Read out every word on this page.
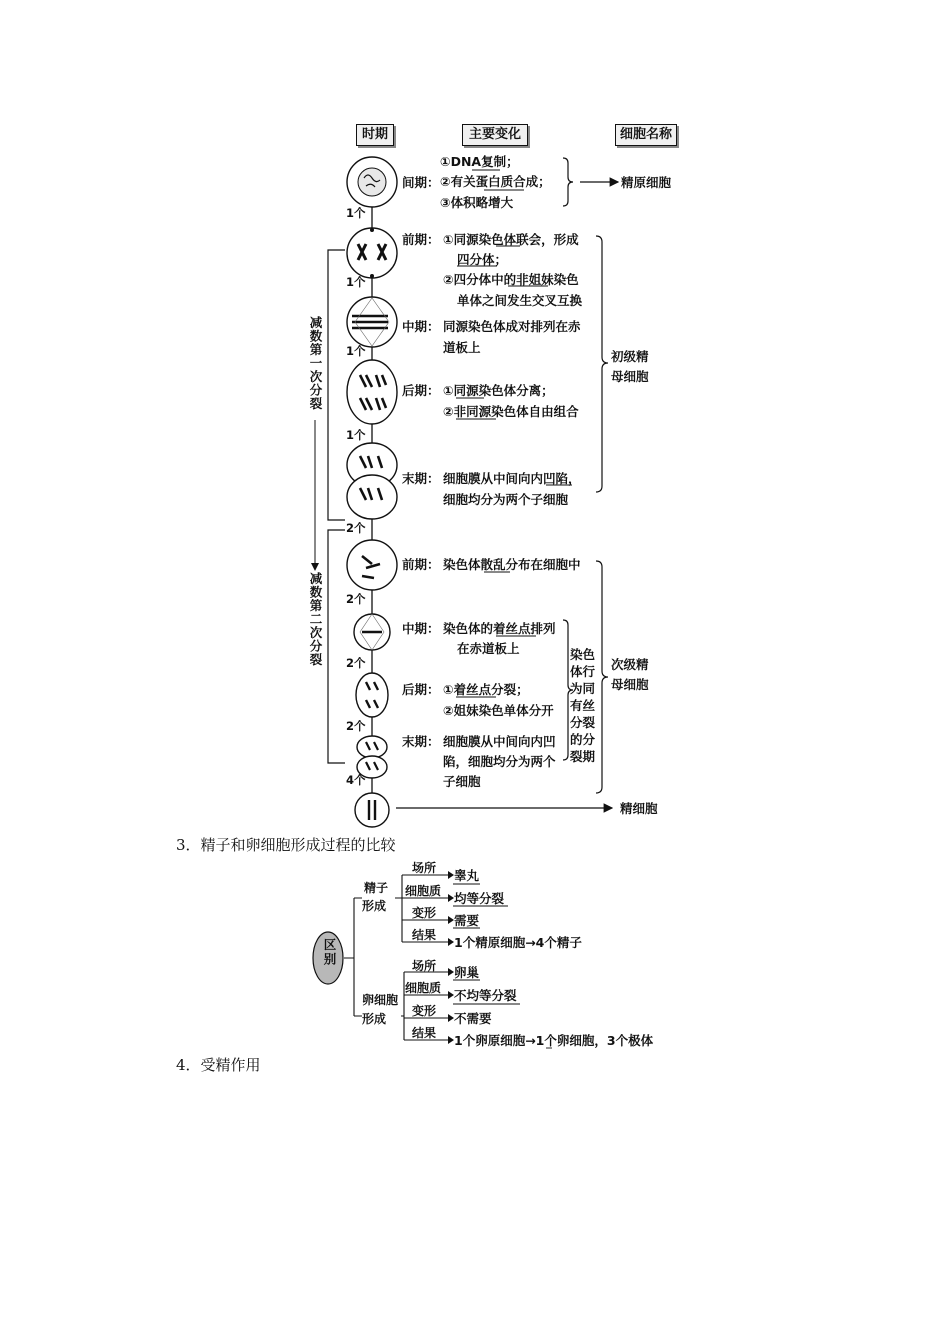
时期	主要变化	细胞名称
间期：
①DNA复制；
②有关蛋白质合成；
③体积略增大
精原细胞
1个
1个
1个
1个
2个
2个
2个
2个
4个
减数第一次分裂
前期： ①同源染色体联会，形成
四分体；
②四分体中的非姐妹染色
单体之间发生交叉互换
中期： 同源染色体成对排列在赤
道板上
后期： ①同源染色体分离；
②非同源染色体自由组合
末期： 细胞膜从中间向内凹陷，
细胞均分为两个子细胞
初级精
母细胞
减数第二次分裂
前期： 染色体散乱分布在细胞中
中期： 染色体的着丝点排列
在赤道板上
后期： ①着丝点分裂；
②姐妹染色单体分开
末期： 细胞膜从中间向内凹
陷，细胞均分为两个
子细胞
染色体行为同有丝分裂的分裂期
次级精
母细胞
精细胞
3．精子和卵细胞形成过程的比较
区别
精子
形成
场所
细胞质
变形
结果
睾丸
均等分裂
需要
1个精原细胞→4个精子
卵细胞
形成
场所
细胞质
变形
结果
卵巢
不均等分裂
不需要
1个卵原细胞→1个卵细胞，3个极体
4．受精作用
